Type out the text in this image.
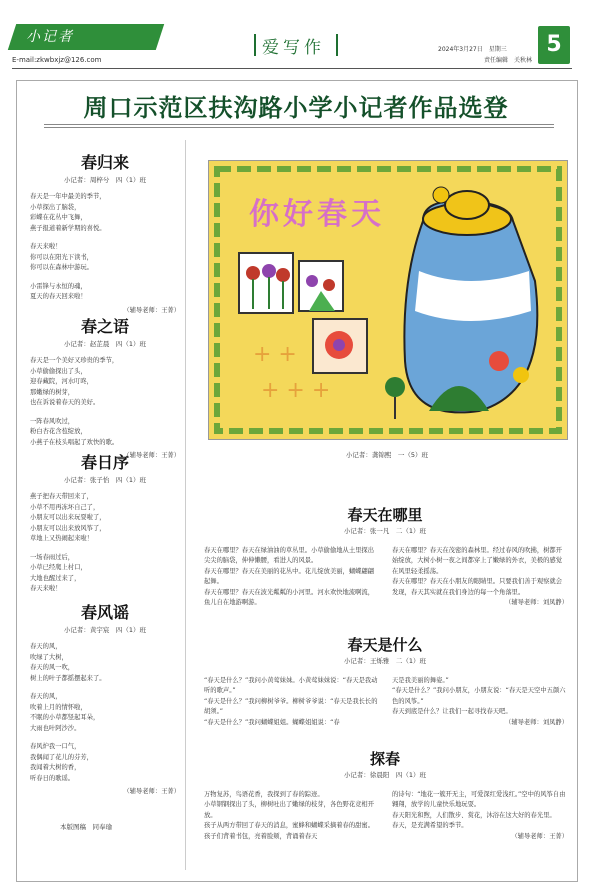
小记者
E-mail:zkwbxjz@126.com
爱写作	2024年3月27日　星期三
责任编辑　关秋林
5
周口示范区扶沟路小学小记者作品选登

春归来

小记者：周梓兮　四（1）班

春天是一年中最美的季节，

小草探出了脑袋，

彩蝶在花丛中飞舞，

燕子报道着新学期的喜悦。

春天来啦！

你可以在阳光下读书，

你可以在森林中游玩。

小雷锋与永恒的魂，

夏天的春天回来啦！

（辅导老师：王菁）

春之语

小记者：赵芷晨　四（1）班

春天是一个美好又珍贵的季节，

小草偷偷探出了头，

迎春藏院，河水叮咚，

那嫩绿的树芽，

也在诉说着春天的美好。

一阵春风吹过，

粉白杏花含苞绽放，

小燕子在枝头唱起了欢快的歌。

（辅导老师：王菁）

春日序

小记者：张子怡　四（1）班

燕子把春天带回来了，

小草不用再冻坏自己了，

小朋友可以出来玩耍啦了，

小朋友可以出来放风筝了，

草地上又热闹起来啦！

一场春雨过后，

小草已经爬上村口，

大地也醒过来了，

春天来啦！

春风谣

小记者：黄宇宸　四（1）班

春天的风，

吹绿了大树，

春天的风一吹，

树上的叶子都摇摆起来了。

春天的风，

吹着上月的情怀啦，

不眠的小草都竖起耳朵，

大雨也叶阿沙沙。

春风炉我一口气，

我偶闻了花儿的芬芳，

我闻着大树的香，

听春日的歌谣。

（辅导老师：王菁）

+ +
+ + +
你好春天
小记者：龚锦熙　一（5）班
春天在哪里
小记者：张一凡　二（1）班

春天在哪里？春天在绿油油的草丛里。小草偷偷地从土里探出尖尖的脑袋，伸伸懒腰，看进人的风景。

春天在哪里？春天在美丽的花丛中。花儿绽放美丽，蝴蝶翩翩起舞。

春天在哪里？春天在波光粼粼的小河里。河水欢快地流啊流，鱼儿自在地游啊游。

春天在哪里？春天在茂密的森林里。经过春风的吹拂，树都开始绽放，大树小树一夜之间都穿上了嫩绿的外衣，美极的感觉在风里轻柔摇荡。

春天在哪里？春天在小朋友的眼睛里。只要我们善于观察就会发现，春天其实就在我们身边的每一个角落里。

（辅导老师：刘凤静）

春天是什么
小记者：王烁雅　二（1）班

“春天是什么？”我问小黄莺妹妹。小黄莺妹妹说：“春天是我动听的歌声。”

“春天是什么？”我问柳树爷爷。柳树爷爷说：“春天是我长长的胡须。”

“春天是什么？”我问蝴蝶姐姐。蝴蝶姐姐说：“春

天是我美丽的舞姿。”

“春天是什么？”我问小朋友，小朋友说：“春天是天空中五颜六色的风筝。”

春天到底是什么？让我们一起寻找春天吧。

（辅导老师：刘凤静）

探春
小记者：徐晨阳　四（1）班

万物复苏，鸟语花香，我探到了春的踪迹。

小草钢钢探出了头，柳树吐出了嫩绿的枝芽，各色野花竞相开放。

孩子从两方带回了春天的消息，蜜蜂和蝴蝶采摘着春的甜蜜。孩子们背着书包，亮着脸颊，背诵着春天

的诗句：“地花一簇开无主，可爱深红爱浅红。”空中的风筝自由翱翔，放学的儿童快乐地玩耍。

春天阳光和煦，人们散步、赏花，沐浴在这大好的春光里。

春天，是充满希望的季节。

（辅导老师：王菁）

本版图稿　同奉瑜
